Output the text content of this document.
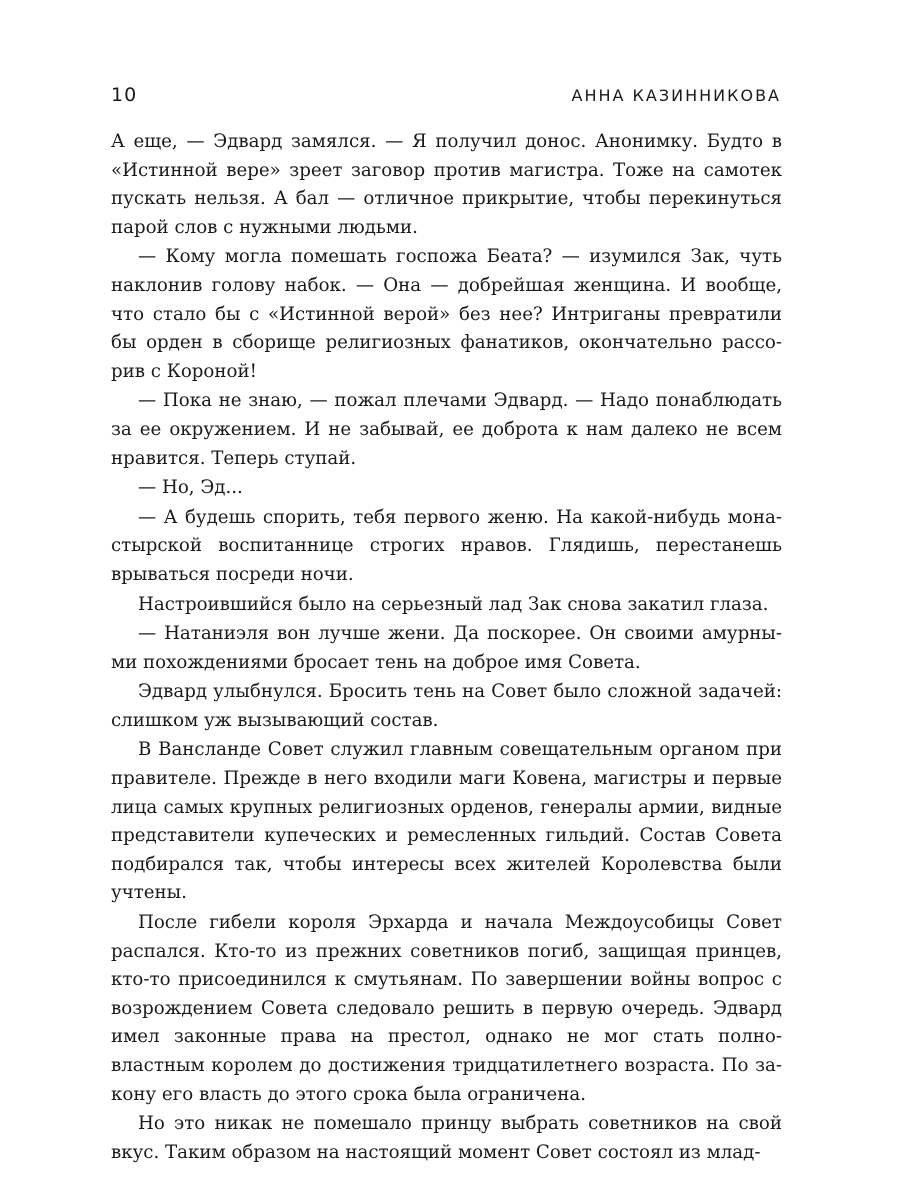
10	АННА КАЗИННИКОВА

А еще, — Эдвард замялся. — Я получил донос. Анонимку. Будто в «Истинной вере» зреет заговор против магистра. Тоже на самотек пускать нельзя. А бал — отличное прикрытие, чтобы перекинуться парой слов с нужными людьми.

— Кому могла помешать госпожа Беата? — изумился Зак, чуть наклонив голову набок. — Она — добрейшая женщина. И вообще, что стало бы с «Истинной верой» без нее? Интриганы превратили бы орден в сборище религиозных фанатиков, окончательно рассорив с Короной!

— Пока не знаю, — пожал плечами Эдвард. — Надо понаблюдать за ее окружением. И не забывай, ее доброта к нам далеко не всем нравится. Теперь ступай.

— Но, Эд...

— А будешь спорить, тебя первого женю. На какой-нибудь монастырской воспитаннице строгих нравов. Глядишь, перестанешь врываться посреди ночи.

Настроившийся было на серьезный лад Зак снова закатил глаза.

— Натаниэля вон лучше жени. Да поскорее. Он своими амурными похождениями бросает тень на доброе имя Совета.

Эдвард улыбнулся. Бросить тень на Совет было сложной задачей: слишком уж вызывающий состав.

В Вансланде Совет служил главным совещательным органом при правителе. Прежде в него входили маги Ковена, магистры и первые лица самых крупных религиозных орденов, генералы армии, видные представители купеческих и ремесленных гильдий. Состав Совета подбирался так, чтобы интересы всех жителей Королевства были учтены.

После гибели короля Эрхарда и начала Междоусобицы Совет распался. Кто-то из прежних советников погиб, защищая принцев, кто-то присоединился к смутьянам. По завершении войны вопрос с возрождением Совета следовало решить в первую очередь. Эдвард имел законные права на престол, однако не мог стать полновластным королем до достижения тридцатилетнего возраста. По закону его власть до этого срока была ограничена.

Но это никак не помешало принцу выбрать советников на свой вкус. Таким образом на настоящий момент Совет состоял из млад-
